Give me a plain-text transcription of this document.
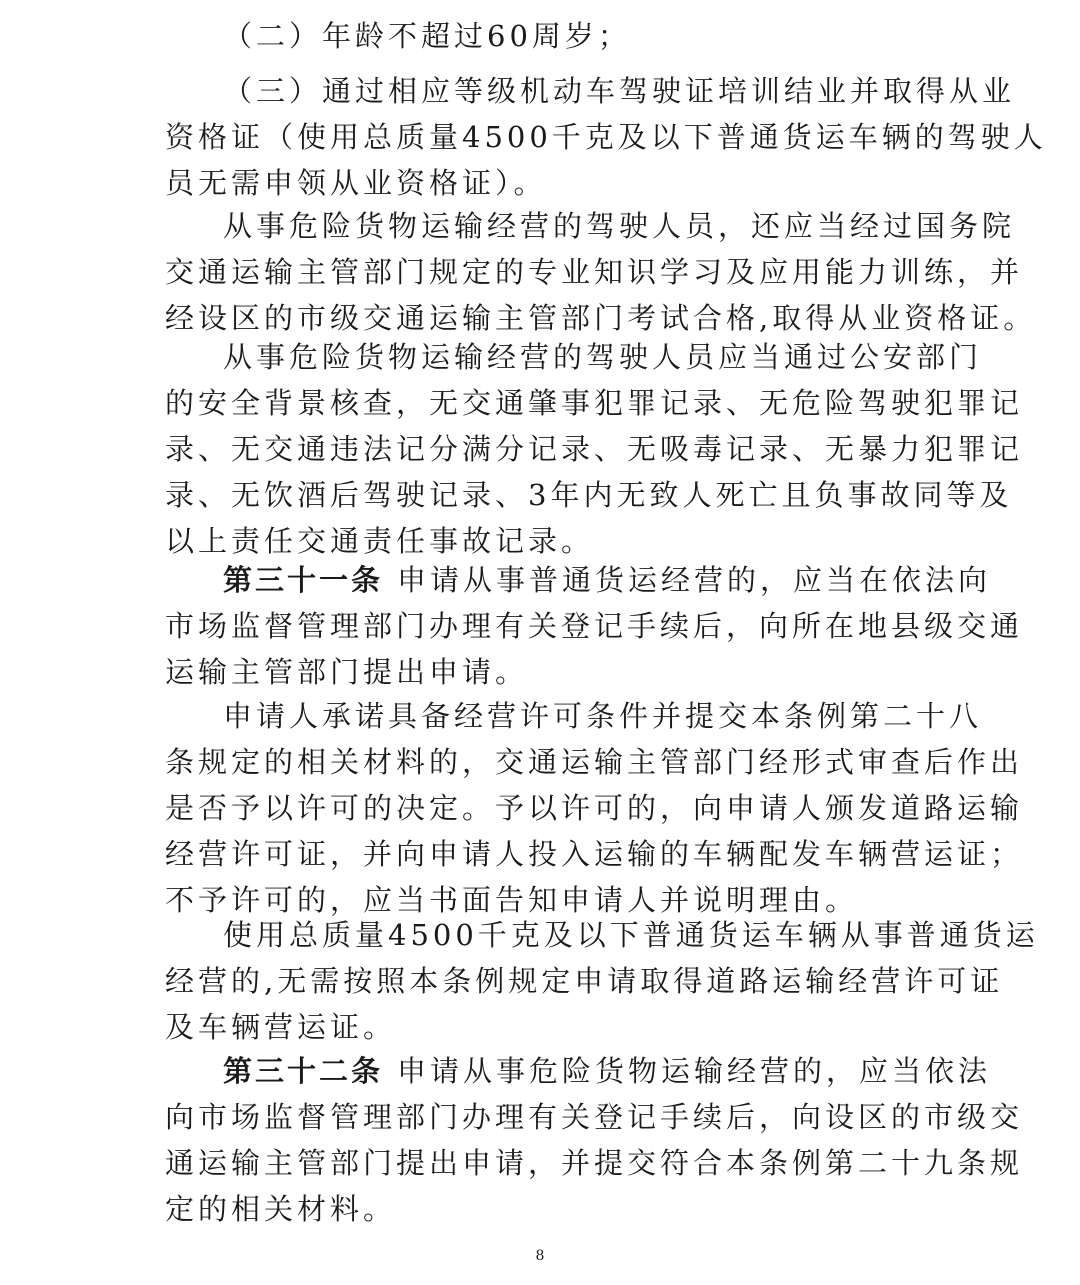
（二）年龄不超过60周岁；
（三）通过相应等级机动车驾驶证培训结业并取得从业
资格证（使用总质量4500千克及以下普通货运车辆的驾驶人
员无需申领从业资格证）。
从事危险货物运输经营的驾驶人员，还应当经过国务院
交通运输主管部门规定的专业知识学习及应用能力训练，并
经设区的市级交通运输主管部门考试合格,取得从业资格证。
从事危险货物运输经营的驾驶人员应当通过公安部门
的安全背景核查，无交通肇事犯罪记录、无危险驾驶犯罪记
录、无交通违法记分满分记录、无吸毒记录、无暴力犯罪记
录、无饮酒后驾驶记录、3年内无致人死亡且负事故同等及
以上责任交通责任事故记录。
第三十一条 申请从事普通货运经营的，应当在依法向
市场监督管理部门办理有关登记手续后，向所在地县级交通
运输主管部门提出申请。
申请人承诺具备经营许可条件并提交本条例第二十八
条规定的相关材料的，交通运输主管部门经形式审查后作出
是否予以许可的决定。予以许可的，向申请人颁发道路运输
经营许可证，并向申请人投入运输的车辆配发车辆营运证；
不予许可的，应当书面告知申请人并说明理由。
使用总质量4500千克及以下普通货运车辆从事普通货运
经营的,无需按照本条例规定申请取得道路运输经营许可证
及车辆营运证。
第三十二条 申请从事危险货物运输经营的，应当依法
向市场监督管理部门办理有关登记手续后，向设区的市级交
通运输主管部门提出申请，并提交符合本条例第二十九条规
定的相关材料。
8
